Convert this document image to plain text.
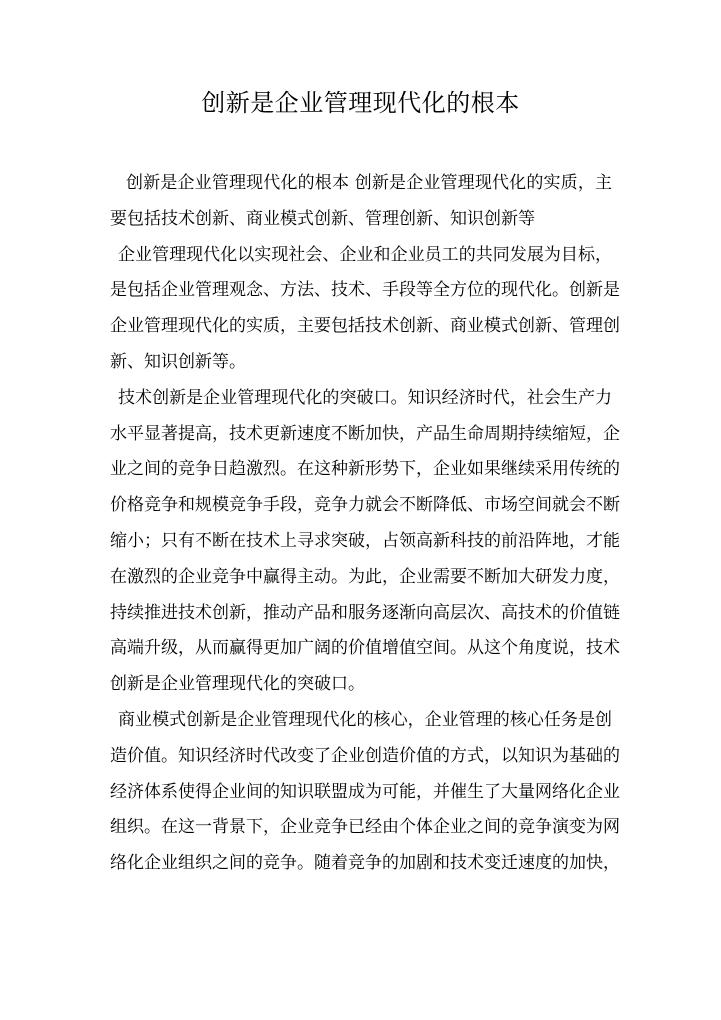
创新是企业管理现代化的根本
创新是企业管理现代化的根本 创新是企业管理现代化的实质，主
要包括技术创新、商业模式创新、管理创新、知识创新等
企业管理现代化以实现社会、企业和企业员工的共同发展为目标，
是包括企业管理观念、方法、技术、手段等全方位的现代化。创新是
企业管理现代化的实质，主要包括技术创新、商业模式创新、管理创
新、知识创新等。
技术创新是企业管理现代化的突破口。知识经济时代，社会生产力
水平显著提高，技术更新速度不断加快，产品生命周期持续缩短，企
业之间的竞争日趋激烈。在这种新形势下，企业如果继续采用传统的
价格竞争和规模竞争手段，竞争力就会不断降低、市场空间就会不断
缩小；只有不断在技术上寻求突破，占领高新科技的前沿阵地，才能
在激烈的企业竞争中赢得主动。为此，企业需要不断加大研发力度，
持续推进技术创新，推动产品和服务逐渐向高层次、高技术的价值链
高端升级，从而赢得更加广阔的价值增值空间。从这个角度说，技术
创新是企业管理现代化的突破口。
商业模式创新是企业管理现代化的核心，企业管理的核心任务是创
造价值。知识经济时代改变了企业创造价值的方式，以知识为基础的
经济体系使得企业间的知识联盟成为可能，并催生了大量网络化企业
组织。在这一背景下，企业竞争已经由个体企业之间的竞争演变为网
络化企业组织之间的竞争。随着竞争的加剧和技术变迁速度的加快，
